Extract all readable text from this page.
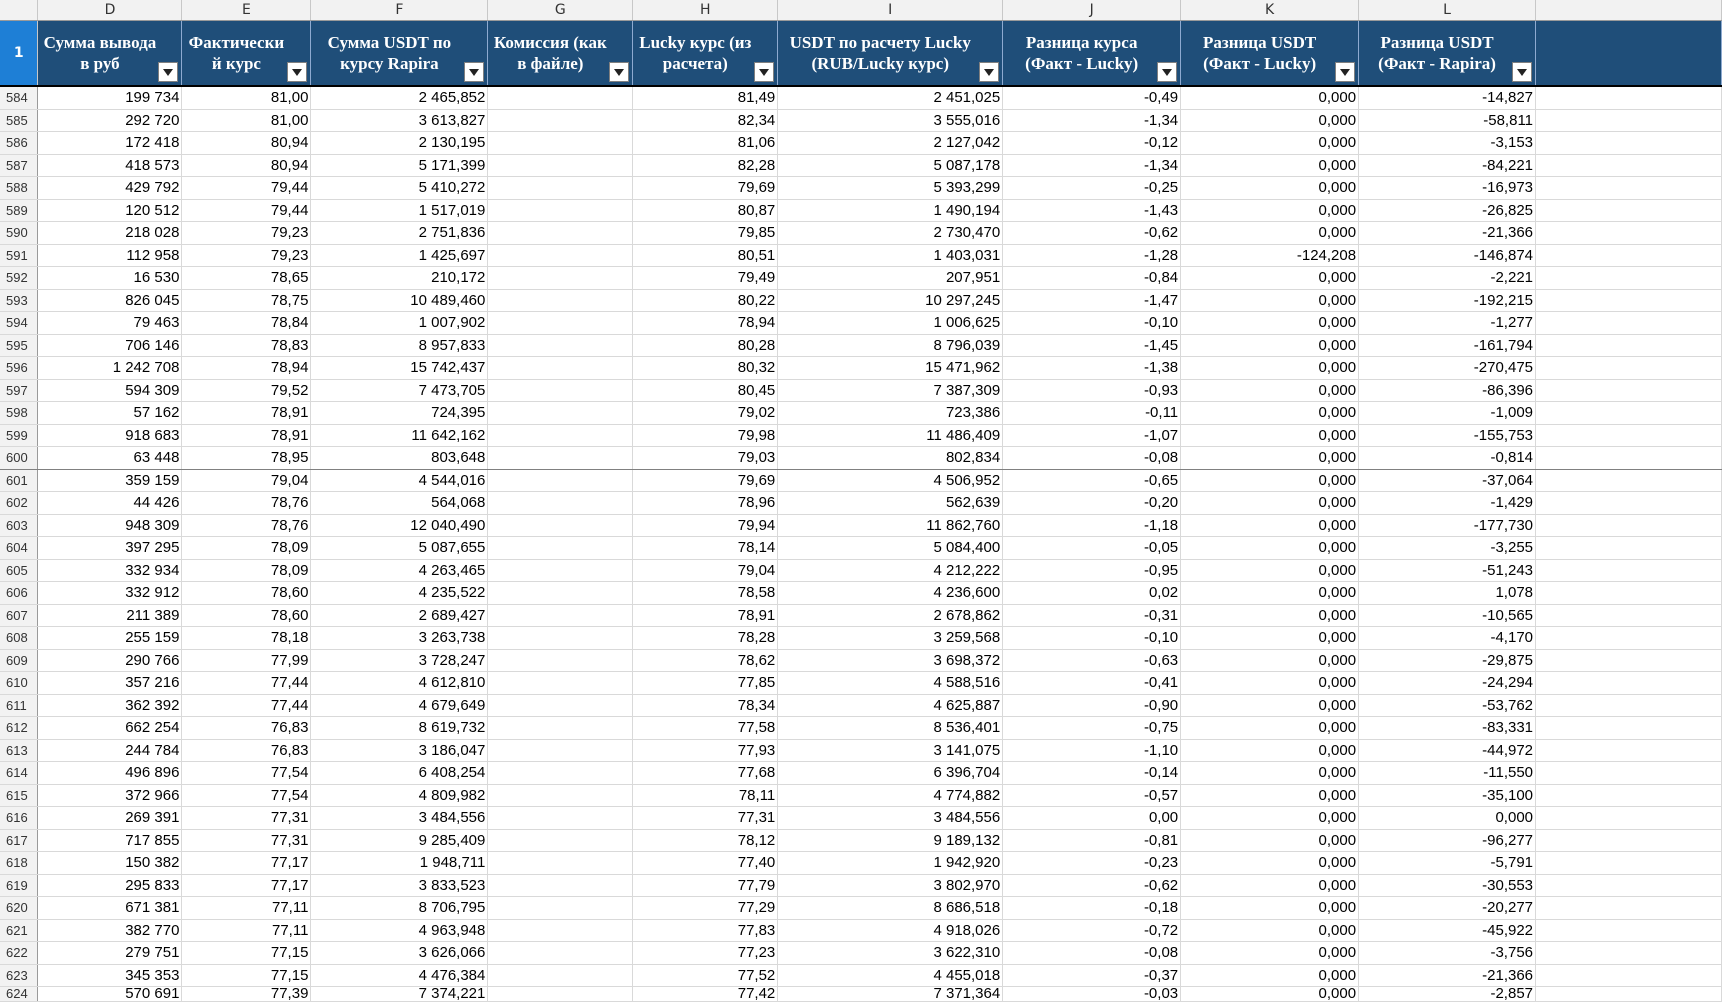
	D	E	F	G	H	I	J	K	L	
1	Сумма вывода в руб	Фактически й курс	Сумма USDT по курсу Rapira	Комиссия (как в файле)	Lucky курс (из расчета)	USDT по расчету Lucky (RUB/Lucky курс)	Разница курса (Факт - Lucky)	Разница USDT (Факт - Lucky)	Разница USDT (Факт - Rapira)	

584	199 734	81,00	2 465,852		81,49	2 451,025	-0,49	0,000	-14,827	
585	292 720	81,00	3 613,827		82,34	3 555,016	-1,34	0,000	-58,811	
586	172 418	80,94	2 130,195		81,06	2 127,042	-0,12	0,000	-3,153	
587	418 573	80,94	5 171,399		82,28	5 087,178	-1,34	0,000	-84,221	
588	429 792	79,44	5 410,272		79,69	5 393,299	-0,25	0,000	-16,973	
589	120 512	79,44	1 517,019		80,87	1 490,194	-1,43	0,000	-26,825	
590	218 028	79,23	2 751,836		79,85	2 730,470	-0,62	0,000	-21,366	
591	112 958	79,23	1 425,697		80,51	1 403,031	-1,28	-124,208	-146,874	
592	16 530	78,65	210,172		79,49	207,951	-0,84	0,000	-2,221	
593	826 045	78,75	10 489,460		80,22	10 297,245	-1,47	0,000	-192,215	
594	79 463	78,84	1 007,902		78,94	1 006,625	-0,10	0,000	-1,277	
595	706 146	78,83	8 957,833		80,28	8 796,039	-1,45	0,000	-161,794	
596	1 242 708	78,94	15 742,437		80,32	15 471,962	-1,38	0,000	-270,475	
597	594 309	79,52	7 473,705		80,45	7 387,309	-0,93	0,000	-86,396	
598	57 162	78,91	724,395		79,02	723,386	-0,11	0,000	-1,009	
599	918 683	78,91	11 642,162		79,98	11 486,409	-1,07	0,000	-155,753	
600	63 448	78,95	803,648		79,03	802,834	-0,08	0,000	-0,814	
601	359 159	79,04	4 544,016		79,69	4 506,952	-0,65	0,000	-37,064	
602	44 426	78,76	564,068		78,96	562,639	-0,20	0,000	-1,429	
603	948 309	78,76	12 040,490		79,94	11 862,760	-1,18	0,000	-177,730	
604	397 295	78,09	5 087,655		78,14	5 084,400	-0,05	0,000	-3,255	
605	332 934	78,09	4 263,465		79,04	4 212,222	-0,95	0,000	-51,243	
606	332 912	78,60	4 235,522		78,58	4 236,600	0,02	0,000	1,078	
607	211 389	78,60	2 689,427		78,91	2 678,862	-0,31	0,000	-10,565	
608	255 159	78,18	3 263,738		78,28	3 259,568	-0,10	0,000	-4,170	
609	290 766	77,99	3 728,247		78,62	3 698,372	-0,63	0,000	-29,875	
610	357 216	77,44	4 612,810		77,85	4 588,516	-0,41	0,000	-24,294	
611	362 392	77,44	4 679,649		78,34	4 625,887	-0,90	0,000	-53,762	
612	662 254	76,83	8 619,732		77,58	8 536,401	-0,75	0,000	-83,331	
613	244 784	76,83	3 186,047		77,93	3 141,075	-1,10	0,000	-44,972	
614	496 896	77,54	6 408,254		77,68	6 396,704	-0,14	0,000	-11,550	
615	372 966	77,54	4 809,982		78,11	4 774,882	-0,57	0,000	-35,100	
616	269 391	77,31	3 484,556		77,31	3 484,556	0,00	0,000	0,000	
617	717 855	77,31	9 285,409		78,12	9 189,132	-0,81	0,000	-96,277	
618	150 382	77,17	1 948,711		77,40	1 942,920	-0,23	0,000	-5,791	
619	295 833	77,17	3 833,523		77,79	3 802,970	-0,62	0,000	-30,553	
620	671 381	77,11	8 706,795		77,29	8 686,518	-0,18	0,000	-20,277	
621	382 770	77,11	4 963,948		77,83	4 918,026	-0,72	0,000	-45,922	
622	279 751	77,15	3 626,066		77,23	3 622,310	-0,08	0,000	-3,756	
623	345 353	77,15	4 476,384		77,52	4 455,018	-0,37	0,000	-21,366	
624	570 691	77,39	7 374,221		77,42	7 371,364	-0,03	0,000	-2,857	
